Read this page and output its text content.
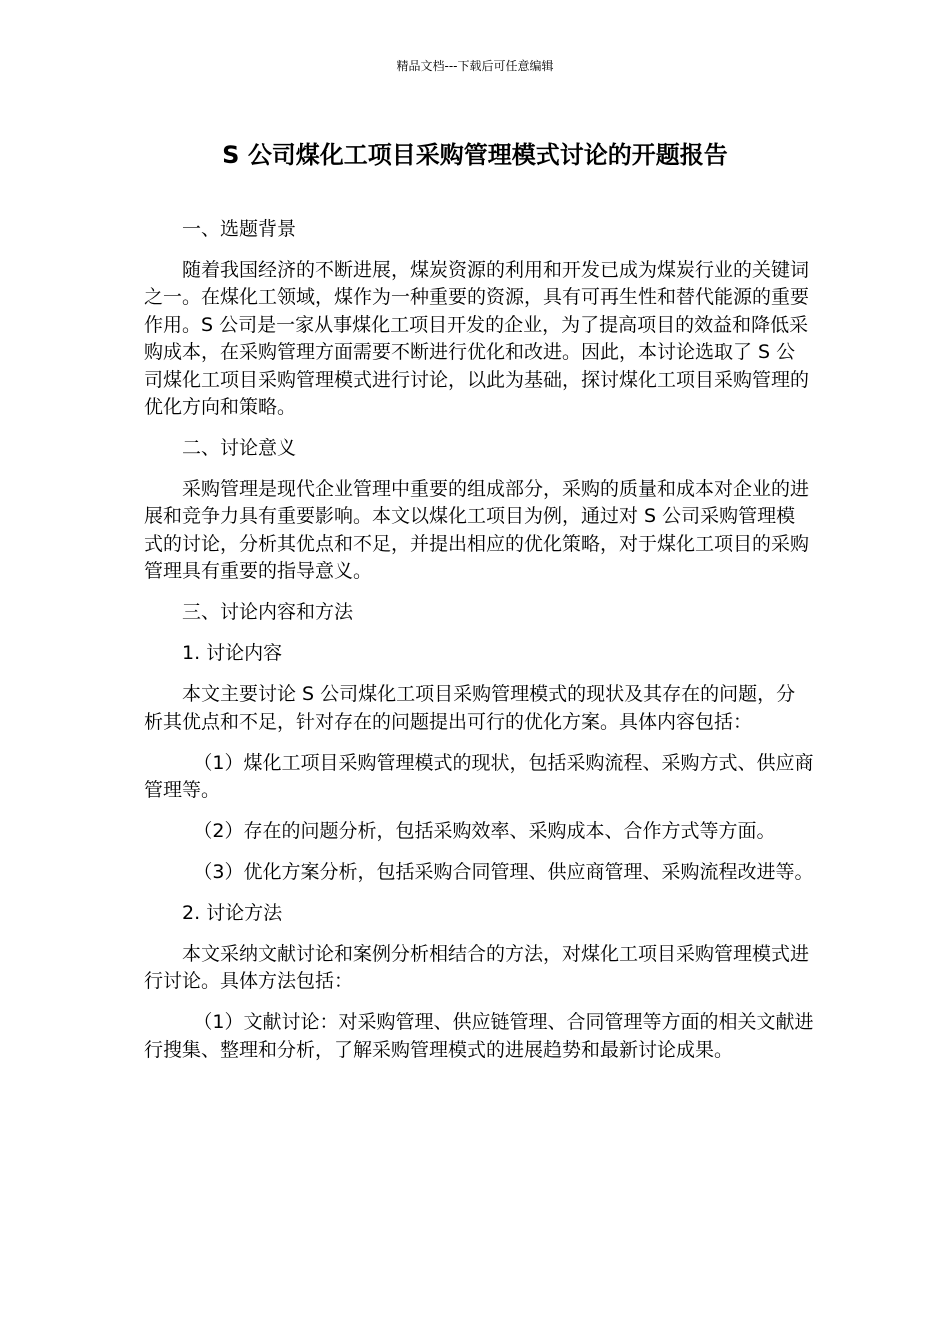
精品文档---下载后可任意编辑
S 公司煤化工项目采购管理模式讨论的开题报告

一、选题背景

随着我国经济的不断进展，煤炭资源的利用和开发已成为煤炭行业的关键词之一。在煤化工领域，煤作为一种重要的资源，具有可再生性和替代能源的重要作用。S 公司是一家从事煤化工项目开发的企业，为了提高项目的效益和降低采购成本，在采购管理方面需要不断进行优化和改进。因此，本讨论选取了 S 公司煤化工项目采购管理模式进行讨论，以此为基础，探讨煤化工项目采购管理的优化方向和策略。

二、讨论意义

采购管理是现代企业管理中重要的组成部分，采购的质量和成本对企业的进展和竞争力具有重要影响。本文以煤化工项目为例，通过对 S 公司采购管理模式的讨论，分析其优点和不足，并提出相应的优化策略，对于煤化工项目的采购管理具有重要的指导意义。

三、讨论内容和方法

1. 讨论内容

本文主要讨论 S 公司煤化工项目采购管理模式的现状及其存在的问题，分析其优点和不足，针对存在的问题提出可行的优化方案。具体内容包括：

（1）煤化工项目采购管理模式的现状，包括采购流程、采购方式、供应商管理等。

（2）存在的问题分析，包括采购效率、采购成本、合作方式等方面。

（3）优化方案分析，包括采购合同管理、供应商管理、采购流程改进等。

2. 讨论方法

本文采纳文献讨论和案例分析相结合的方法，对煤化工项目采购管理模式进行讨论。具体方法包括：

（1）文献讨论：对采购管理、供应链管理、合同管理等方面的相关文献进行搜集、整理和分析，了解采购管理模式的进展趋势和最新讨论成果。
